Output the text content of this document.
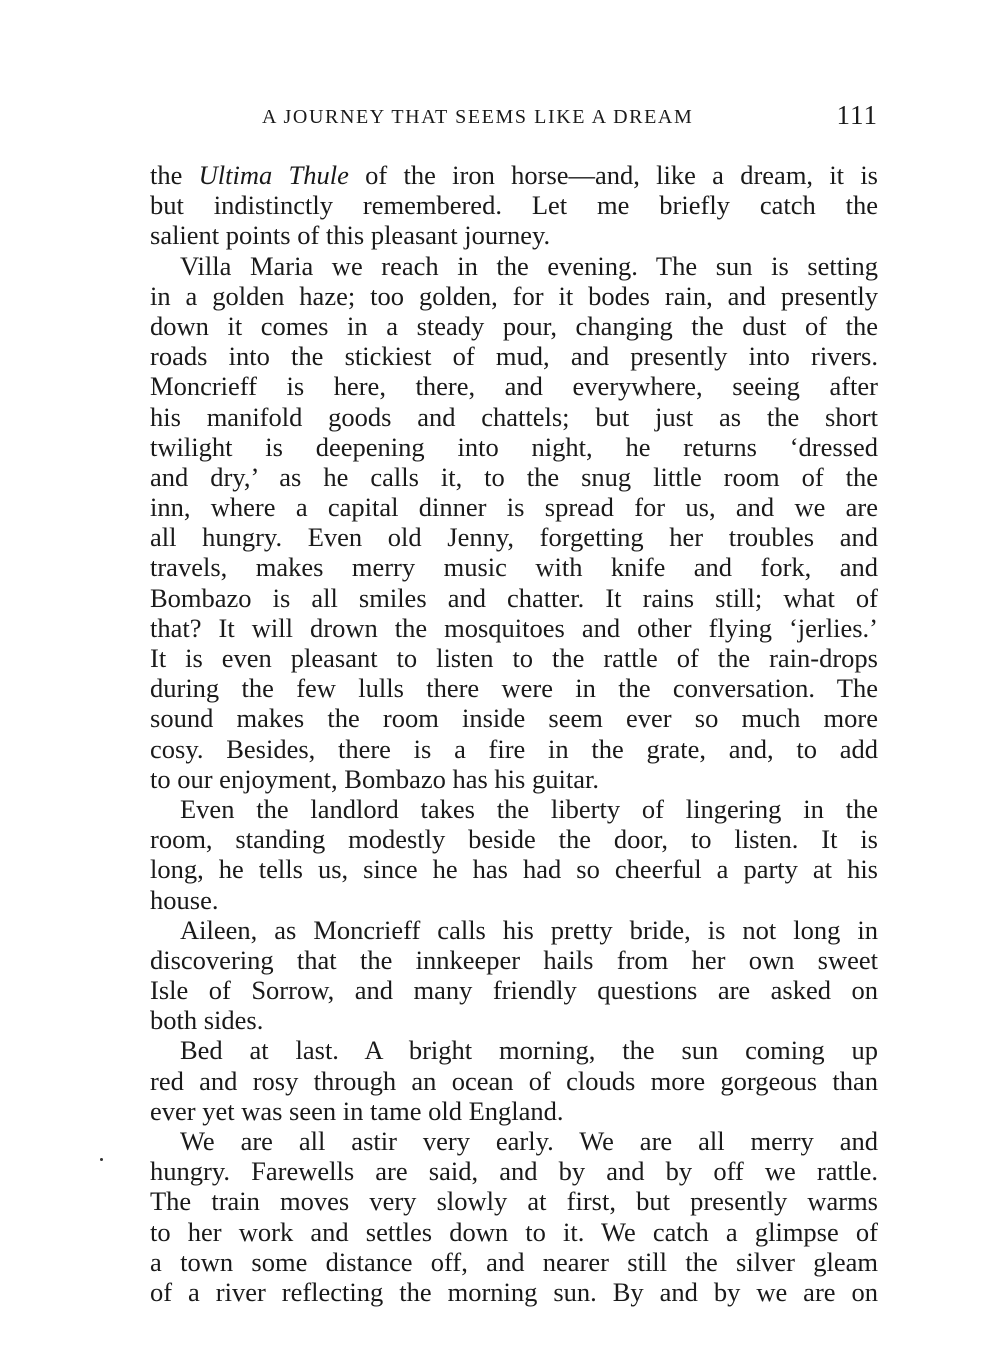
A JOURNEY THAT SEEMS LIKE A DREAM	111
the Ultima Thule of the iron horse—and, like a dream, it is
but indistinctly remembered. Let me briefly catch the
salient points of this pleasant journey.
Villa Maria we reach in the evening. The sun is setting
in a golden haze; too golden, for it bodes rain, and presently
down it comes in a steady pour, changing the dust of the
roads into the stickiest of mud, and presently into rivers.
Moncrieff is here, there, and everywhere, seeing after
his manifold goods and chattels; but just as the short
twilight is deepening into night, he returns ‘dressed
and dry,’ as he calls it, to the snug little room of the
inn, where a capital dinner is spread for us, and we are
all hungry. Even old Jenny, forgetting her troubles and
travels, makes merry music with knife and fork, and
Bombazo is all smiles and chatter. It rains still; what of
that? It will drown the mosquitoes and other flying ‘jerlies.’
It is even pleasant to listen to the rattle of the rain-drops
during the few lulls there were in the conversation. The
sound makes the room inside seem ever so much more
cosy. Besides, there is a fire in the grate, and, to add
to our enjoyment, Bombazo has his guitar.
Even the landlord takes the liberty of lingering in the
room, standing modestly beside the door, to listen. It is
long, he tells us, since he has had so cheerful a party at his
house.
Aileen, as Moncrieff calls his pretty bride, is not long in
discovering that the innkeeper hails from her own sweet
Isle of Sorrow, and many friendly questions are asked on
both sides.
Bed at last. A bright morning, the sun coming up
red and rosy through an ocean of clouds more gorgeous than
ever yet was seen in tame old England.
We are all astir very early. We are all merry and
hungry. Farewells are said, and by and by off we rattle.
The train moves very slowly at first, but presently warms
to her work and settles down to it. We catch a glimpse of
a town some distance off, and nearer still the silver gleam
of a river reflecting the morning sun. By and by we are on
